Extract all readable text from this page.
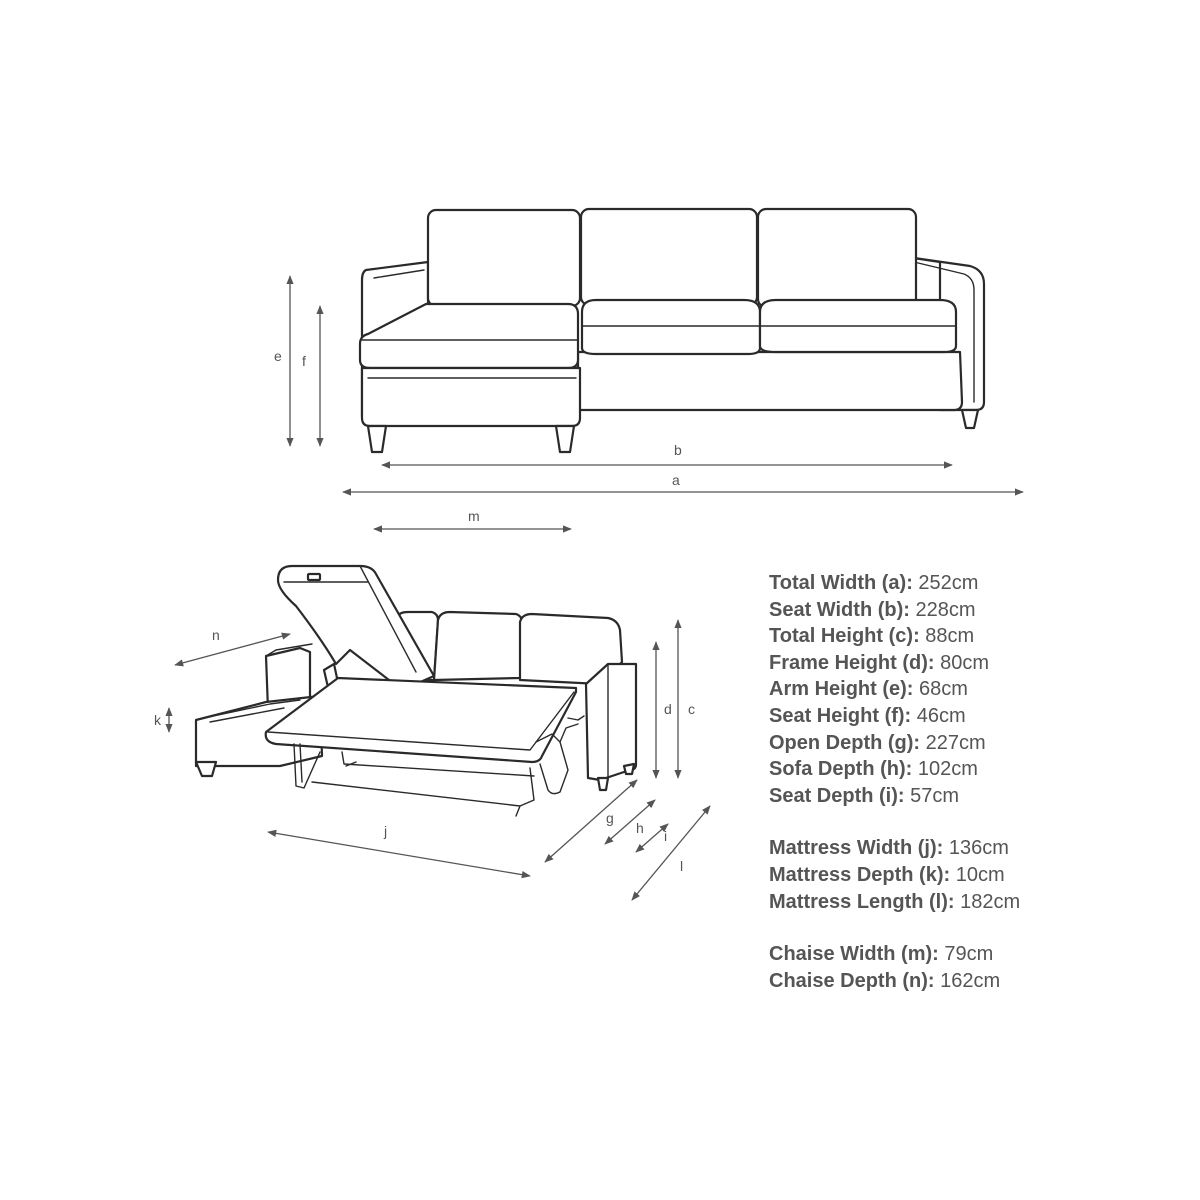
e f
b
a
m
n
k
d c
j
g
h i
l
Total Width (a): 252cm
Seat Width (b): 228cm
Total Height (c): 88cm
Frame Height (d): 80cm
Arm Height (e): 68cm
Seat Height (f): 46cm
Open Depth (g): 227cm
Sofa Depth (h): 102cm
Seat Depth (i): 57cm
Mattress Width (j): 136cm
Mattress Depth (k): 10cm
Mattress Length (l): 182cm
Chaise Width (m): 79cm
Chaise Depth (n): 162cm
